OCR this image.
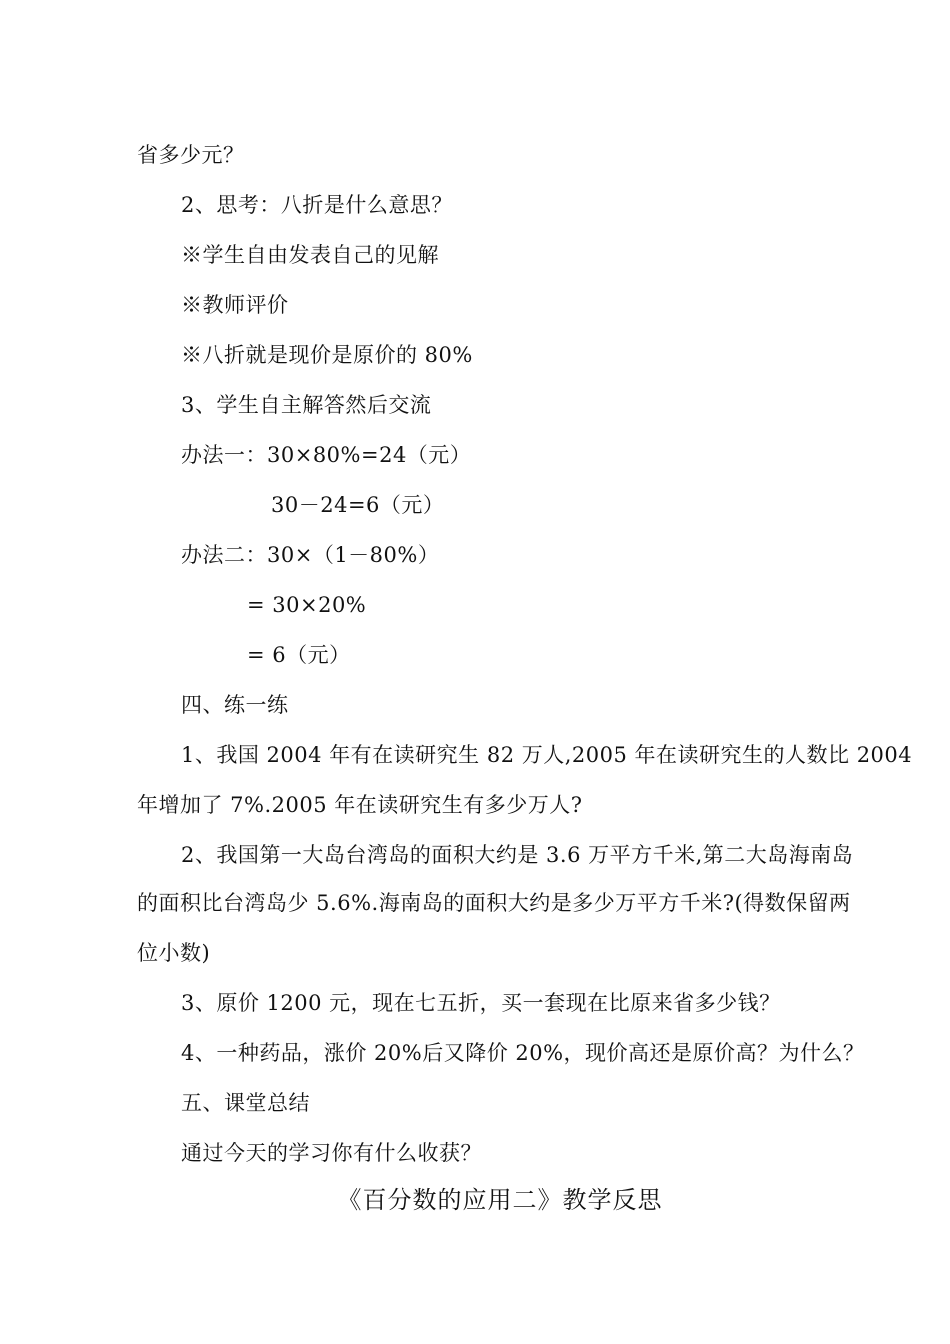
省多少元？
2、思考：八折是什么意思？
※学生自由发表自己的见解
※教师评价
※八折就是现价是原价的 80%
3、学生自主解答然后交流
办法一：30×80%=24（元）
30－24=6（元）
办法二：30×（1－80%）
= 30×20%
= 6（元）
四、练一练
1、我国 2004 年有在读研究生 82 万人,2005 年在读研究生的人数比 2004
年增加了 7%.2005 年在读研究生有多少万人?
2、我国第一大岛台湾岛的面积大约是 3.6 万平方千米,第二大岛海南岛
的面积比台湾岛少 5.6%.海南岛的面积大约是多少万平方千米?(得数保留两
位小数)
3、原价 1200 元，现在七五折，买一套现在比原来省多少钱？
4、一种药品，涨价 20%后又降价 20%，现价高还是原价高？为什么？
五、课堂总结
通过今天的学习你有什么收获？
《百分数的应用二》教学反思
